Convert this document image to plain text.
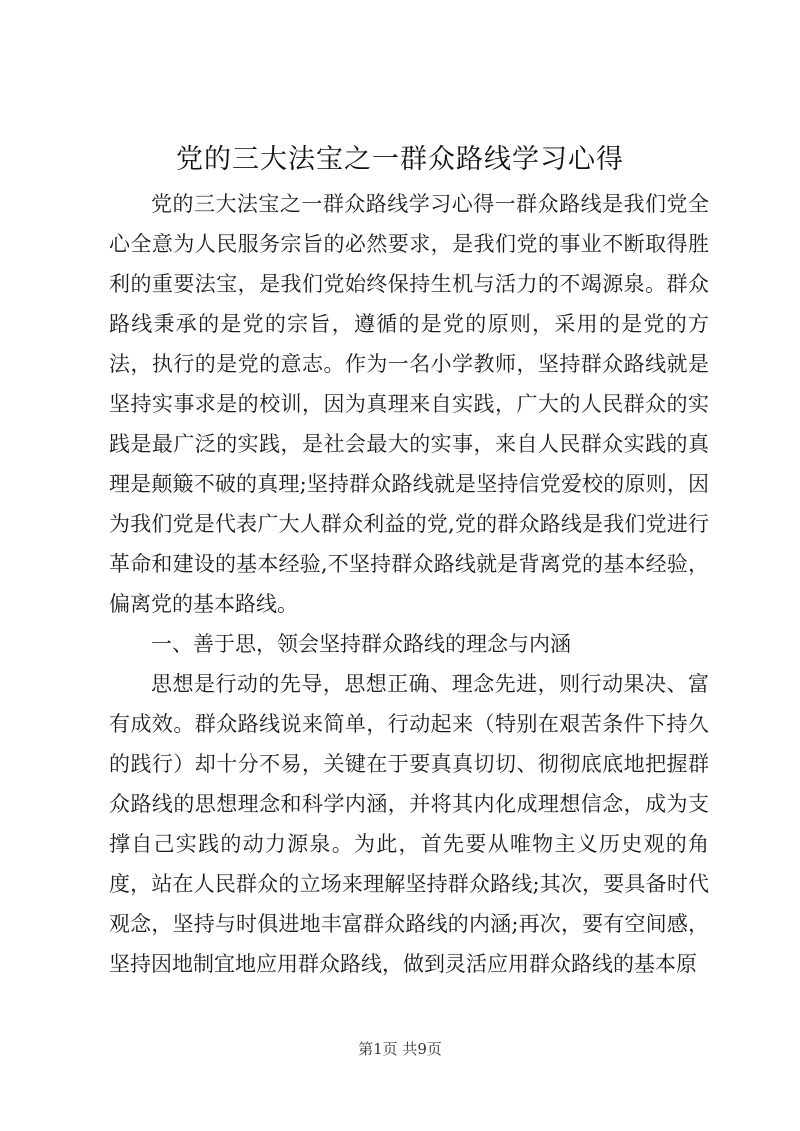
党的三大法宝之一群众路线学习心得

党的三大法宝之一群众路线学习心得一群众路线是我们党全心全意为人民服务宗旨的必然要求，是我们党的事业不断取得胜利的重要法宝，是我们党始终保持生机与活力的不竭源泉。群众路线秉承的是党的宗旨，遵循的是党的原则，采用的是党的方法，执行的是党的意志。作为一名小学教师，坚持群众路线就是坚持实事求是的校训，因为真理来自实践，广大的人民群众的实践是最广泛的实践，是社会最大的实事，来自人民群众实践的真理是颠簸不破的真理;坚持群众路线就是坚持信党爱校的原则，因为我们党是代表广大人群众利益的党,党的群众路线是我们党进行革命和建设的基本经验,不坚持群众路线就是背离党的基本经验，偏离党的基本路线。

一、善于思，领会坚持群众路线的理念与内涵

思想是行动的先导，思想正确、理念先进，则行动果决、富有成效。群众路线说来简单，行动起来（特别在艰苦条件下持久的践行）却十分不易，关键在于要真真切切、彻彻底底地把握群众路线的思想理念和科学内涵，并将其内化成理想信念，成为支撑自己实践的动力源泉。为此，首先要从唯物主义历史观的角度，站在人民群众的立场来理解坚持群众路线;其次，要具备时代观念，坚持与时俱进地丰富群众路线的内涵;再次，要有空间感，坚持因地制宜地应用群众路线，做到灵活应用群众路线的基本原

第1页 共9页
